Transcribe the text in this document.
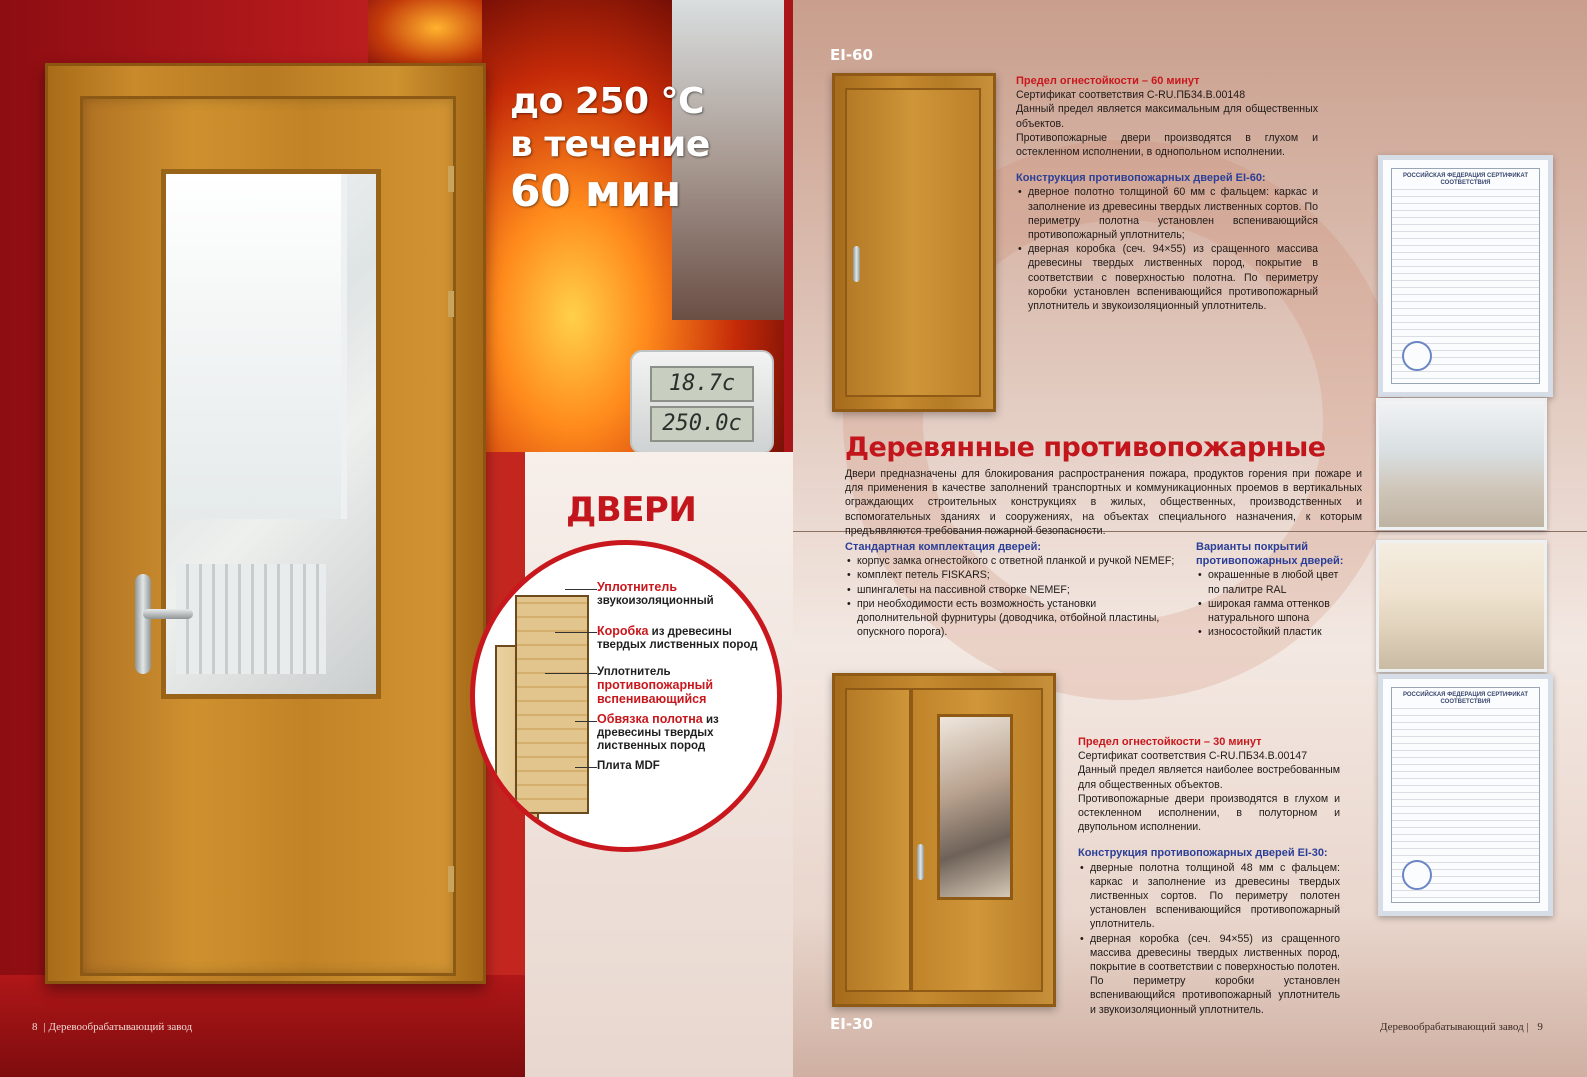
18.7c
250.0c
до 250 °C
в течение
60 мин
ДВЕРИ
Уплотнитель
звукоизоляционный
Коробка из древесины твердых лиственных пород
Уплотнитель противопожарный вспенивающийся
Обвязка полотна из древесины твердых лиственных пород
Плита MDF
8 | Деревообрабатывающий завод
EI-60
Предел огнестойкости – 60 минут
Сертификат соответствия C-RU.ПБ34.В.00148
Данный предел является максимальным для общественных объектов.
Противопожарные двери производятся в глухом и остекленном исполнении, в однопольном исполнении.
Конструкция противопожарных дверей EI-60:
• дверное полотно толщиной 60 мм с фальцем: каркас и заполнение из древесины твердых лиственных сортов. По периметру полотна установлен вспенивающийся противопожарный уплотнитель;
• дверная коробка (сеч. 94×55) из сращенного массива древесины твердых лиственных пород, покрытие в соответствии с поверхностью полотна. По периметру коробки установлен вспенивающийся противопожарный уплотнитель и звукоизоляционный уплотнитель.
РОССИЙСКАЯ ФЕДЕРАЦИЯ СЕРТИФИКАТ СООТВЕТСТВИЯ
РОССИЙСКАЯ ФЕДЕРАЦИЯ СЕРТИФИКАТ СООТВЕТСТВИЯ
Деревянные противопожарные
Двери предназначены для блокирования распространения пожара, продуктов горения при пожаре и для применения в качестве заполнений транспортных и коммуникационных проемов в вертикальных ограждающих строительных конструкциях в жилых, общественных, производственных и вспомогательных зданиях и сооружениях, на объектах специального назначения, к которым предъявляются требования пожарной безопасности.
Стандартная комплектация дверей:
• корпус замка огнестойкого с ответной планкой и ручкой NEMEF;
• комплект петель FISKARS;
• шпингалеты на пассивной створке NEMEF;
• при необходимости есть возможность установки дополнительной фурнитуры (доводчика, отбойной пластины, опускного порога).
Варианты покрытий противопожарных дверей:
• окрашенные в любой цвет по палитре RAL
• широкая гамма оттенков натурального шпона
• износостойкий пластик
EI-30
Предел огнестойкости – 30 минут
Сертификат соответствия C-RU.ПБ34.В.00147
Данный предел является наиболее востребованным для общественных объектов.
Противопожарные двери производятся в глухом и остекленном исполнении, в полуторном и двупольном исполнении.
Конструкция противопожарных дверей EI-30:
• дверные полотна толщиной 48 мм с фальцем: каркас и заполнение из древесины твердых лиственных сортов. По периметру полотен установлен вспенивающийся противопожарный уплотнитель.
• дверная коробка (сеч. 94×55) из сращенного массива древесины твердых лиственных пород, покрытие в соответствии с поверхностью полотен. По периметру коробки установлен вспенивающийся противопожарный уплотнитель и звукоизоляционный уплотнитель.
Деревообрабатывающий завод | 9
